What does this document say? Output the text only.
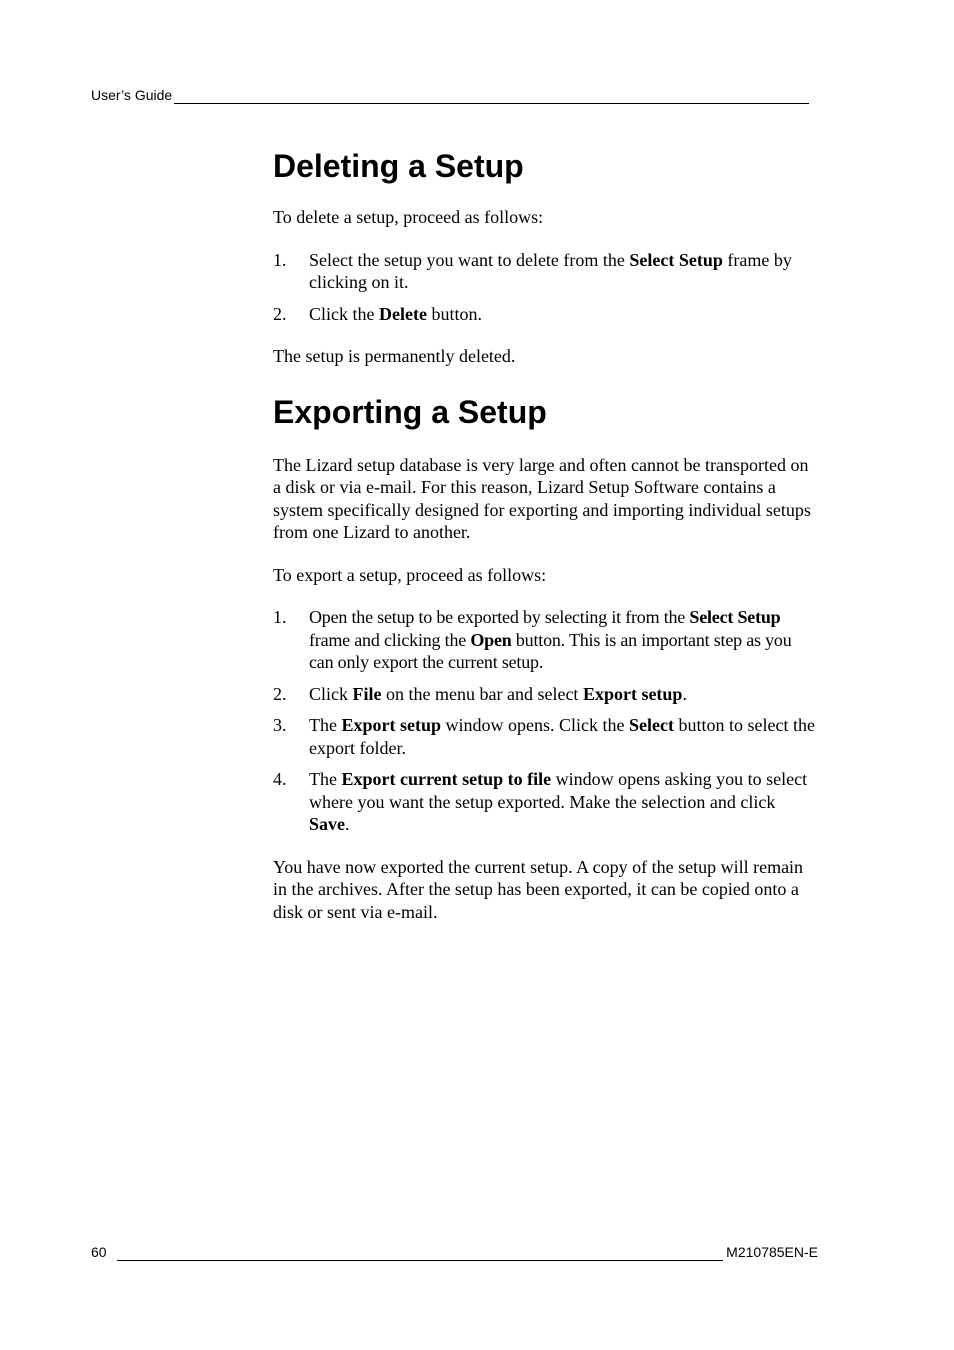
User’s Guide
Deleting a Setup

To delete a setup, proceed as follows:

1.	Select the setup you want to delete from the Select Setup frame by clicking on it.
2.	Click the Delete button.

The setup is permanently deleted.

Exporting a Setup

The Lizard setup database is very large and often cannot be transported on a disk or via e-mail. For this reason, Lizard Setup Software contains a system specifically designed for exporting and importing individual setups from one Lizard to another.

To export a setup, proceed as follows:

1.	Open the setup to be exported by selecting it from the Select Setup frame and clicking the Open button. This is an important step as you can only export the current setup.
2.	Click File on the menu bar and select Export setup.
3.	The Export setup window opens. Click the Select button to select the export folder.
4.	The Export current setup to file window opens asking you to select where you want the setup exported. Make the selection and click Save.

You have now exported the current setup. A copy of the setup will remain in the archives. After the setup has been exported, it can be copied onto a disk or sent via e-mail.

60	M210785EN-E
